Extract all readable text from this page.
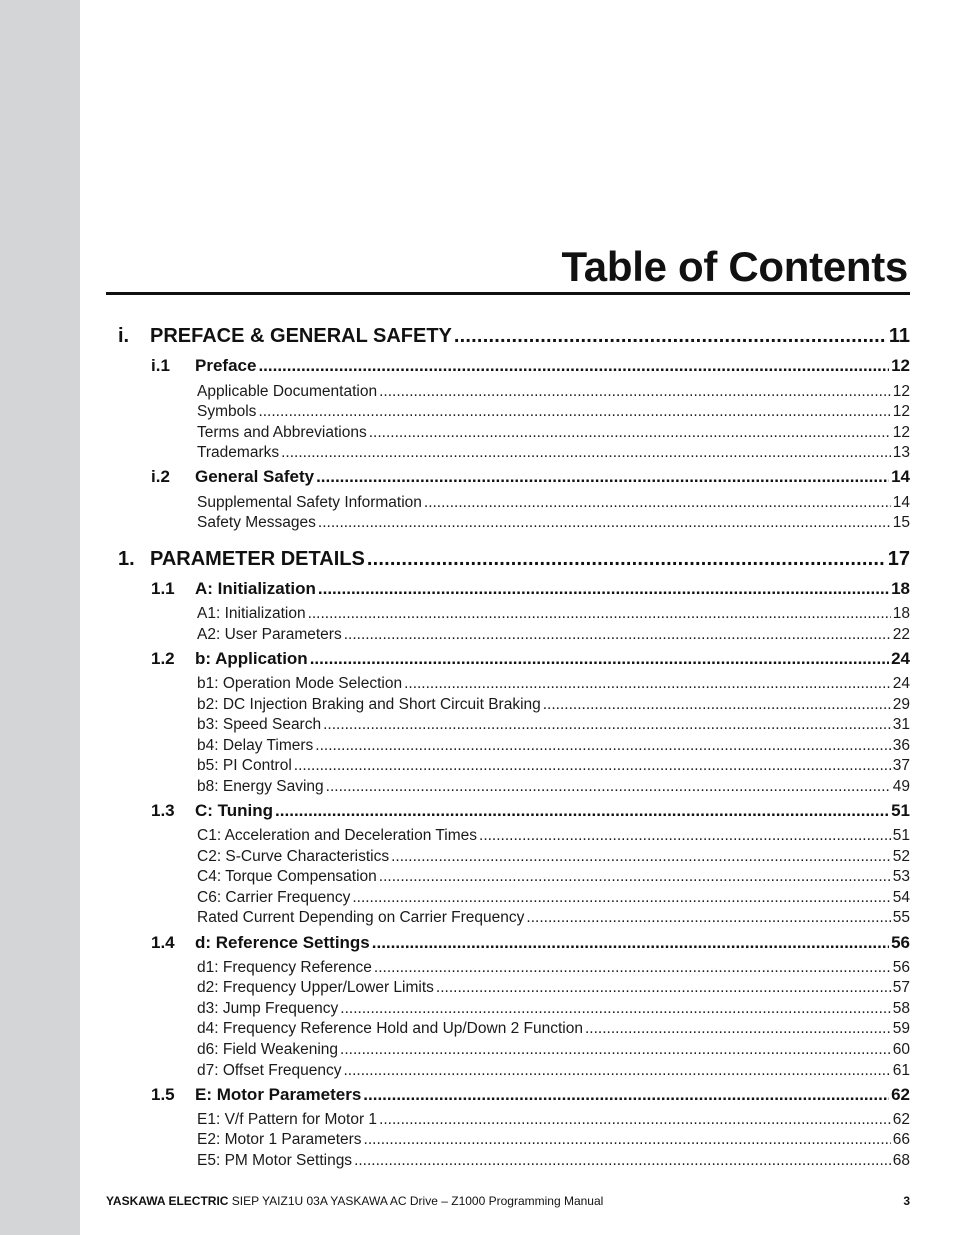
Table of Contents
i.	PREFACE & GENERAL SAFETY .....	11
i.1	Preface .....	12
Applicable Documentation .....	12
Symbols .....	12
Terms and Abbreviations .....	12
Trademarks .....	13
i.2	General Safety .....	14
Supplemental Safety Information .....	14
Safety Messages .....	15
1. PARAMETER DETAILS .....	17
1.1	A: Initialization .....	18
A1: Initialization .....	18
A2: User Parameters .....	22
1.2	b: Application .....	24
b1: Operation Mode Selection .....	24
b2: DC Injection Braking and Short Circuit Braking .....	29
b3: Speed Search .....	31
b4: Delay Timers .....	36
b5: PI Control .....	37
b8: Energy Saving .....	49
1.3	C: Tuning .....	51
C1: Acceleration and Deceleration Times .....	51
C2: S-Curve Characteristics .....	52
C4: Torque Compensation .....	53
C6: Carrier Frequency .....	54
Rated Current Depending on Carrier Frequency .....	55
1.4	d: Reference Settings .....	56
d1: Frequency Reference .....	56
d2: Frequency Upper/Lower Limits .....	57
d3: Jump Frequency .....	58
d4: Frequency Reference Hold and Up/Down 2 Function .....	59
d6: Field Weakening .....	60
d7: Offset Frequency .....	61
1.5	E: Motor Parameters .....	62
E1: V/f Pattern for Motor 1 .....	62
E2: Motor 1 Parameters .....	66
E5: PM Motor Settings .....	68
YASKAWA ELECTRIC SIEP YAIZ1U 03A YASKAWA AC Drive – Z1000 Programming Manual	3
